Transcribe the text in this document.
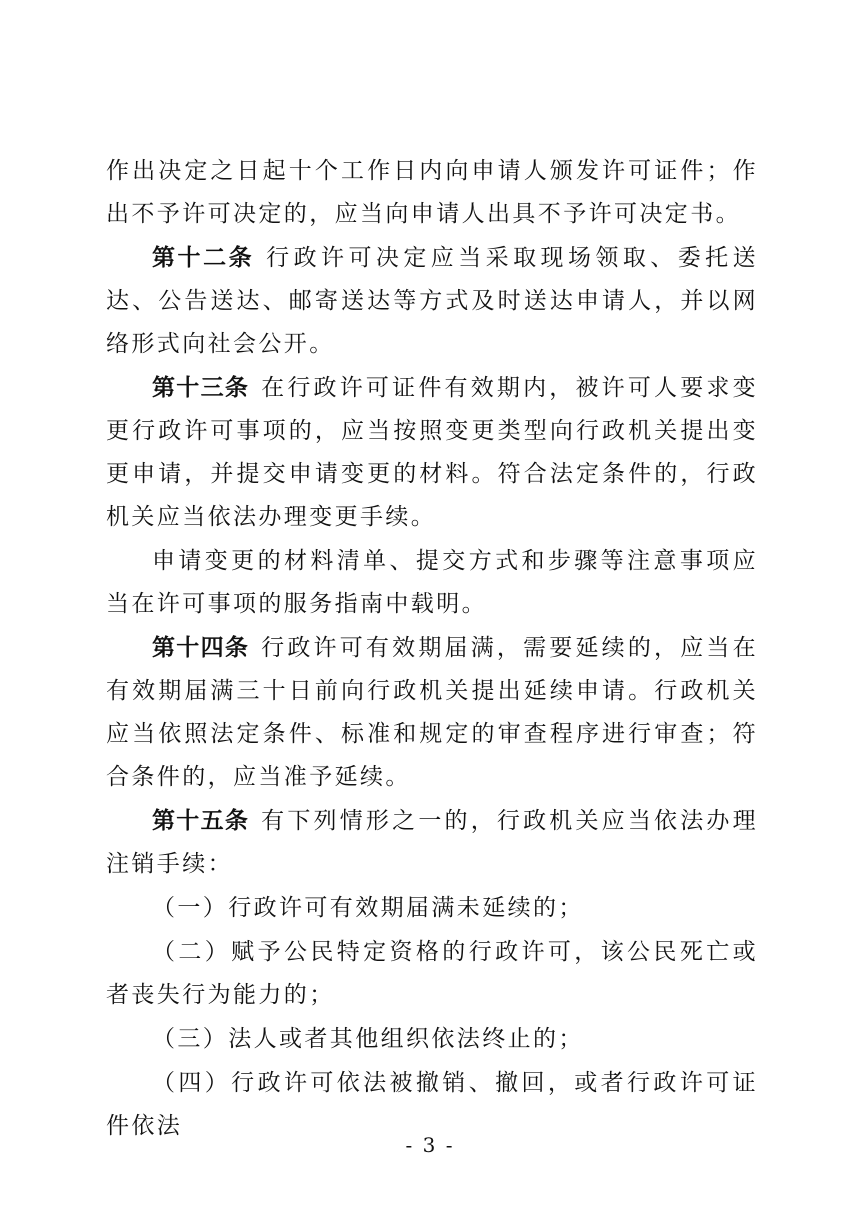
作出决定之日起十个工作日内向申请人颁发许可证件；作出不予许可决定的，应当向申请人出具不予许可决定书。

第十二条 行政许可决定应当采取现场领取、委托送达、公告送达、邮寄送达等方式及时送达申请人，并以网络形式向社会公开。

第十三条 在行政许可证件有效期内，被许可人要求变更行政许可事项的，应当按照变更类型向行政机关提出变更申请，并提交申请变更的材料。符合法定条件的，行政机关应当依法办理变更手续。

申请变更的材料清单、提交方式和步骤等注意事项应当在许可事项的服务指南中载明。

第十四条 行政许可有效期届满，需要延续的，应当在有效期届满三十日前向行政机关提出延续申请。行政机关应当依照法定条件、标准和规定的审查程序进行审查；符合条件的，应当准予延续。

第十五条 有下列情形之一的，行政机关应当依法办理注销手续：

（一）行政许可有效期届满未延续的；

（二）赋予公民特定资格的行政许可，该公民死亡或者丧失行为能力的；

（三）法人或者其他组织依法终止的；

（四）行政许可依法被撤销、撤回，或者行政许可证件依法

- 3 -
